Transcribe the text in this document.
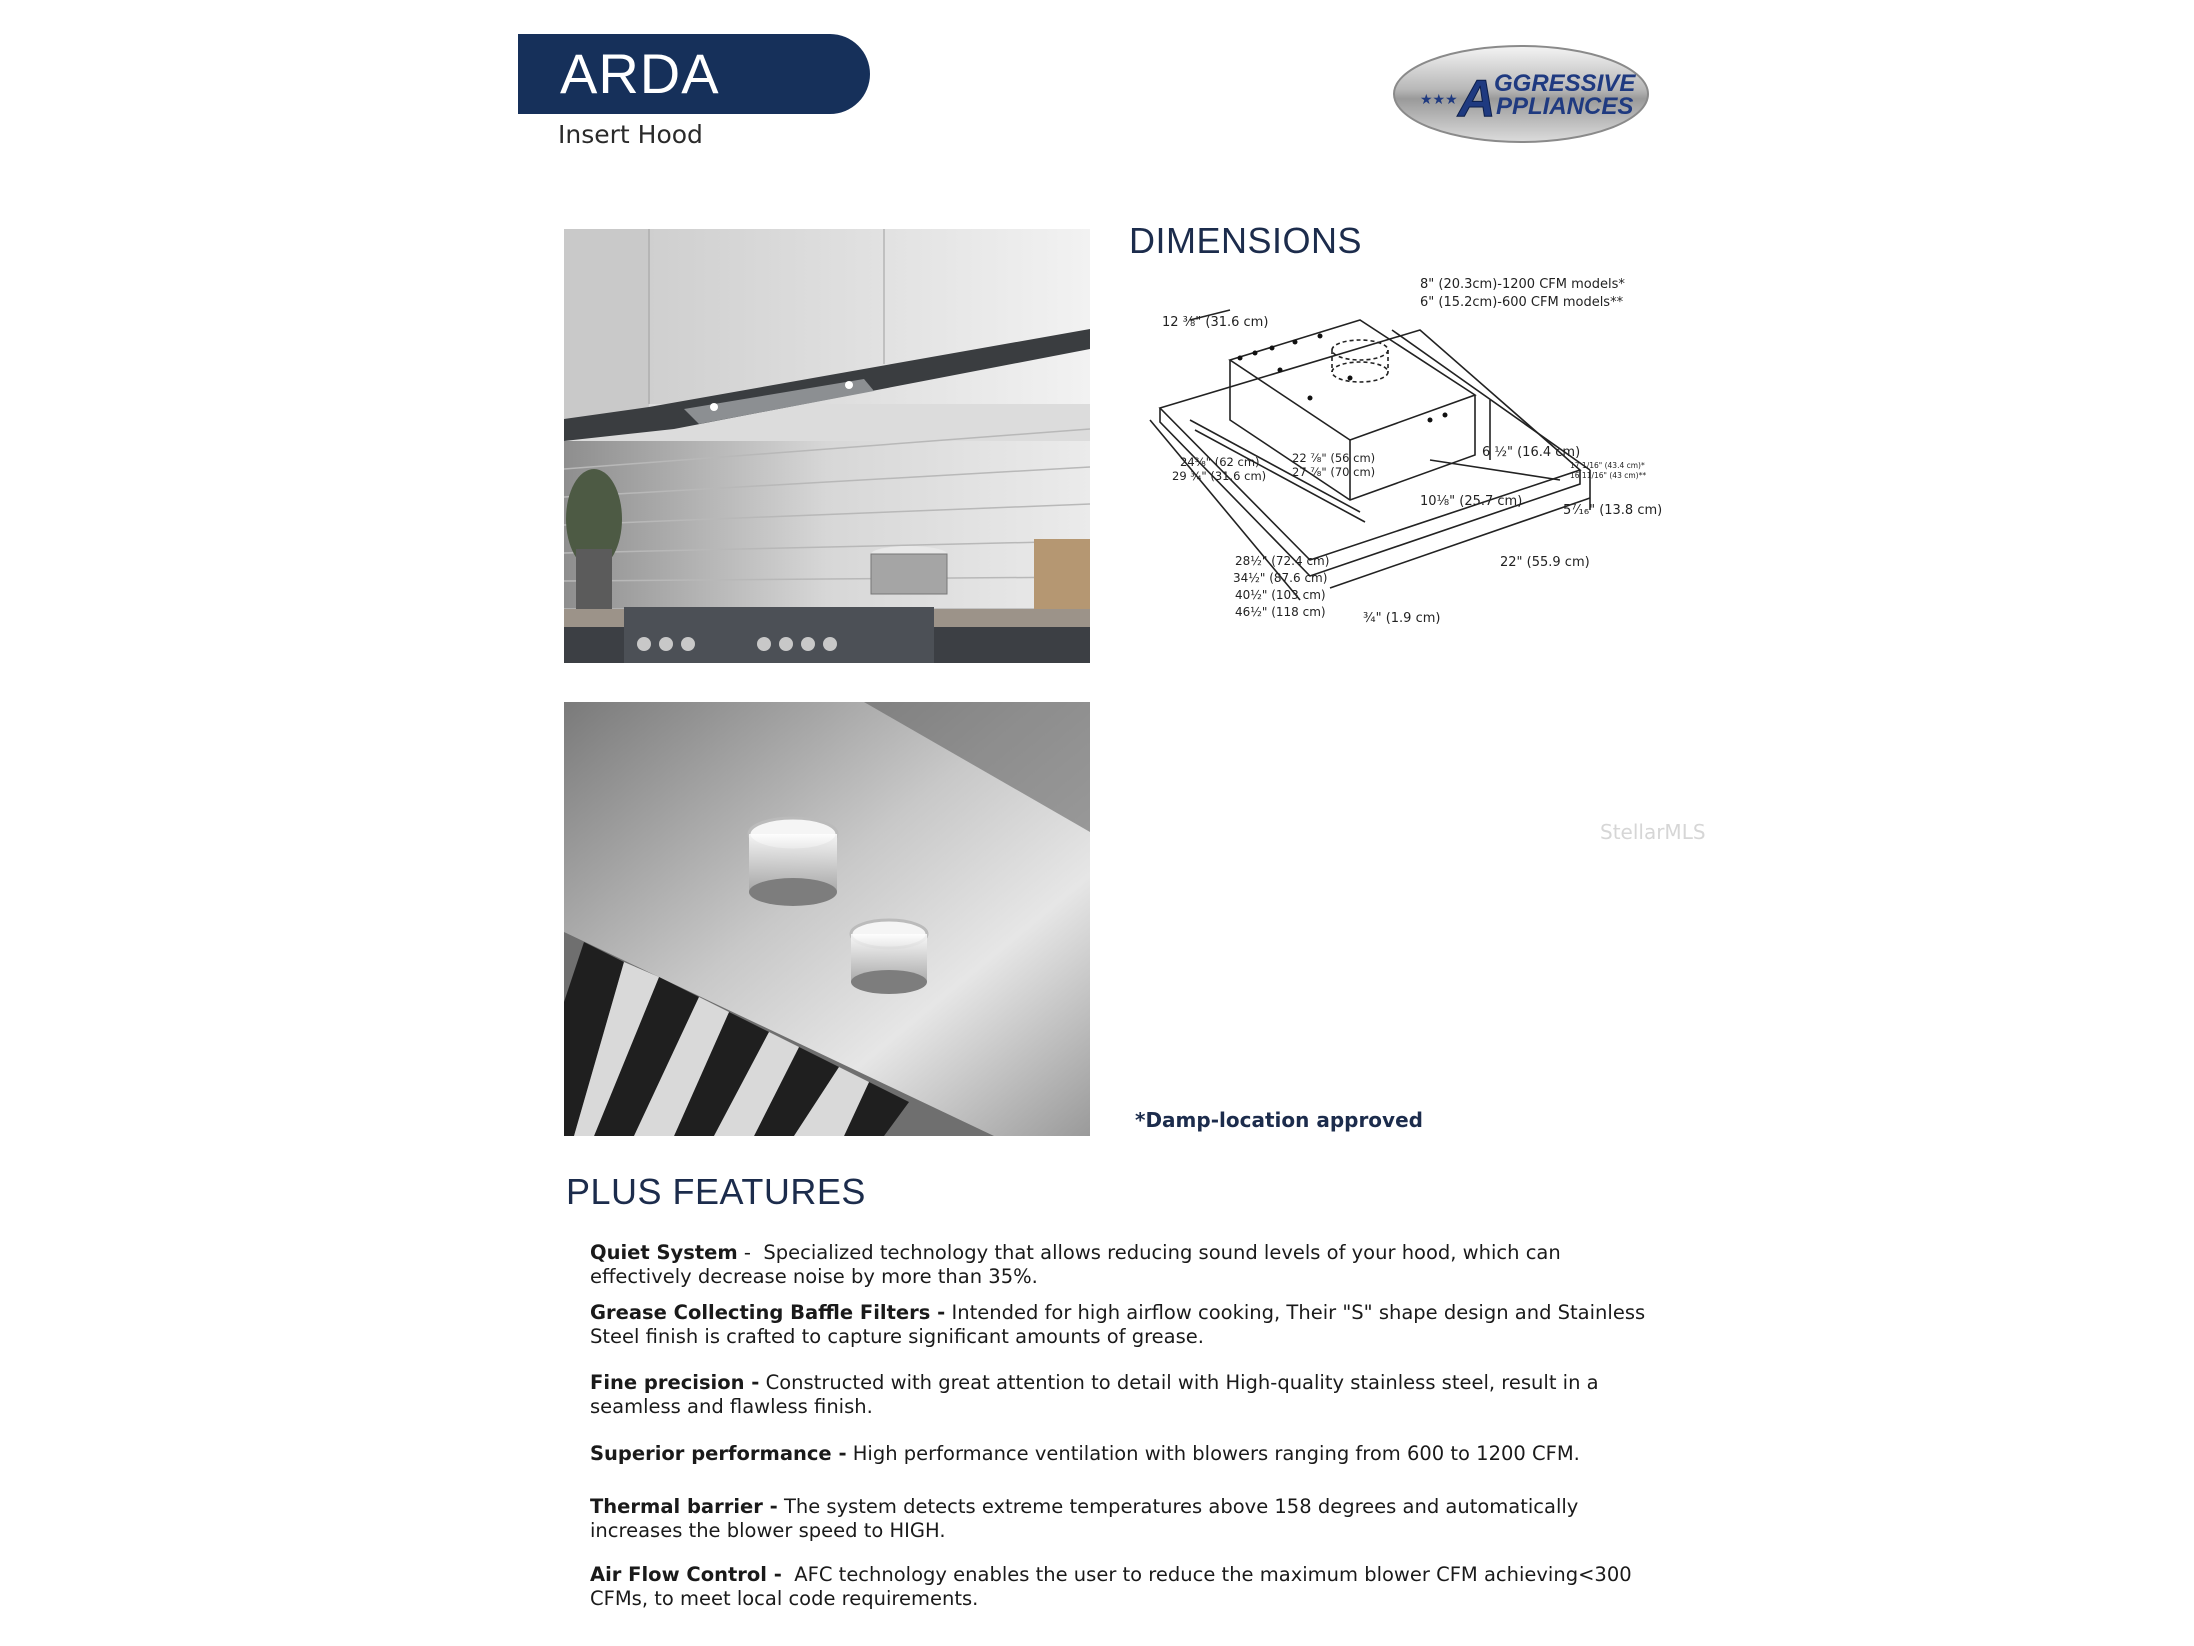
ARDA
Insert Hood
★★★ A
GGRESSIVE
PPLIANCES
DIMENSIONS
8" (20.3cm)-1200 CFM models*
6" (15.2cm)-600 CFM models**
12 ⅜" (31.6 cm)
6 ½" (16.4 cm)
17 1/16" (43.4 cm)*
16 11/16" (43 cm)**
24⅜" (62 cm)
29 ¾" (31.6 cm)
22 ⅞" (56 cm)
27 ⅞" (70 cm)
10⅛" (25.7 cm)
5⁷⁄₁₆" (13.8 cm)
22" (55.9 cm)
28½" (72.4 cm)
34½" (87.6 cm)
40½" (103 cm)
46½" (118 cm)	¾" (1.9 cm)
StellarMLS
*Damp-location approved
PLUS FEATURES
Quiet System -  Specialized technology that allows reducing sound levels of your hood, which can effectively decrease noise by more than 35%.
Grease Collecting Baffle Filters - Intended for high airflow cooking, Their "S" shape design and Stainless Steel finish is crafted to capture significant amounts of grease.
Fine precision - Constructed with great attention to detail with High-quality stainless steel, result in a seamless and flawless finish.
Superior performance - High performance ventilation with blowers ranging from 600 to 1200 CFM.
Thermal barrier - The system detects extreme temperatures above 158 degrees and automatically increases the blower speed to HIGH.
Air Flow Control - AFC technology enables the user to reduce the maximum blower CFM achieving<300 CFMs, to meet local code requirements.
